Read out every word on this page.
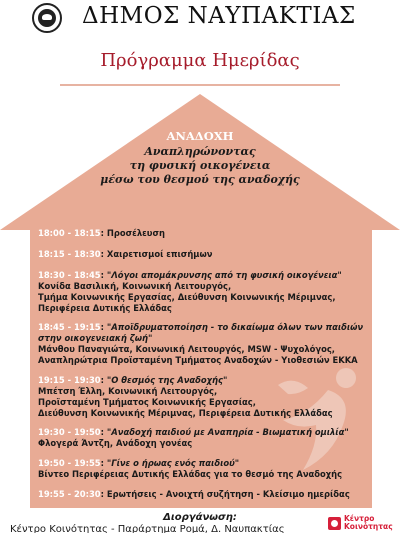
ΔΗΜΟΣ ΝΑΥΠΑΚΤΙΑΣ
Πρόγραμμα Ημερίδας
ΑΝΑΔΟΧΗ
Αναπληρώνοντας
τη φυσική οικογένεια
μέσω του θεσμού της αναδοχής
18:00 - 18:15: Προσέλευση
18:15 - 18:30: Χαιρετισμοί επισήμων
18:30 - 18:45: "Λόγοι απομάκρυνσης από τη φυσική οικογένεια"
Κονίδα Βασιλική, Κοινωνική Λειτουργός,
Τμήμα Κοινωνικής Εργασίας, Διεύθυνση Κοινωνικής Μέριμνας,
Περιφέρεια Δυτικής Ελλάδας
18:45 - 19:15: "Αποϊδρυματοποίηση - το δικαίωμα όλων των παιδιών
στην οικογενειακή ζωή"
Μάνθου Παναγιώτα, Κοινωνική Λειτουργός, MSW - Ψυχολόγος,
Αναπληρώτρια Προϊσταμένη Τμήματος Αναδοχών - Υιοθεσιών ΕΚΚΑ
19:15 - 19:30: "Ο θεσμός της Αναδοχής"
Μπέτση Έλλη, Κοινωνική Λειτουργός,
Προϊσταμένη Τμήματος Κοινωνικής Εργασίας,
Διεύθυνση Κοινωνικής Μέριμνας, Περιφέρεια Δυτικής Ελλάδας
19:30 - 19:50: "Αναδοχή παιδιού με Αναπηρία - Βιωματική ομιλία"
Φλογερά Άντζη, Ανάδοχη γονέας
19:50 - 19:55: "Γίνε ο ήρωας ενός παιδιού"
Βίντεο Περιφέρειας Δυτικής Ελλάδας για το θεσμό της Αναδοχής
19:55 - 20:30: Ερωτήσεις - Ανοιχτή συζήτηση - Κλείσιμο ημερίδας
Διοργάνωση:
Κέντρο Κοινότητας - Παράρτημα Ρομά, Δ. Ναυπακτίας
Κέντρο
Κοινότητας
